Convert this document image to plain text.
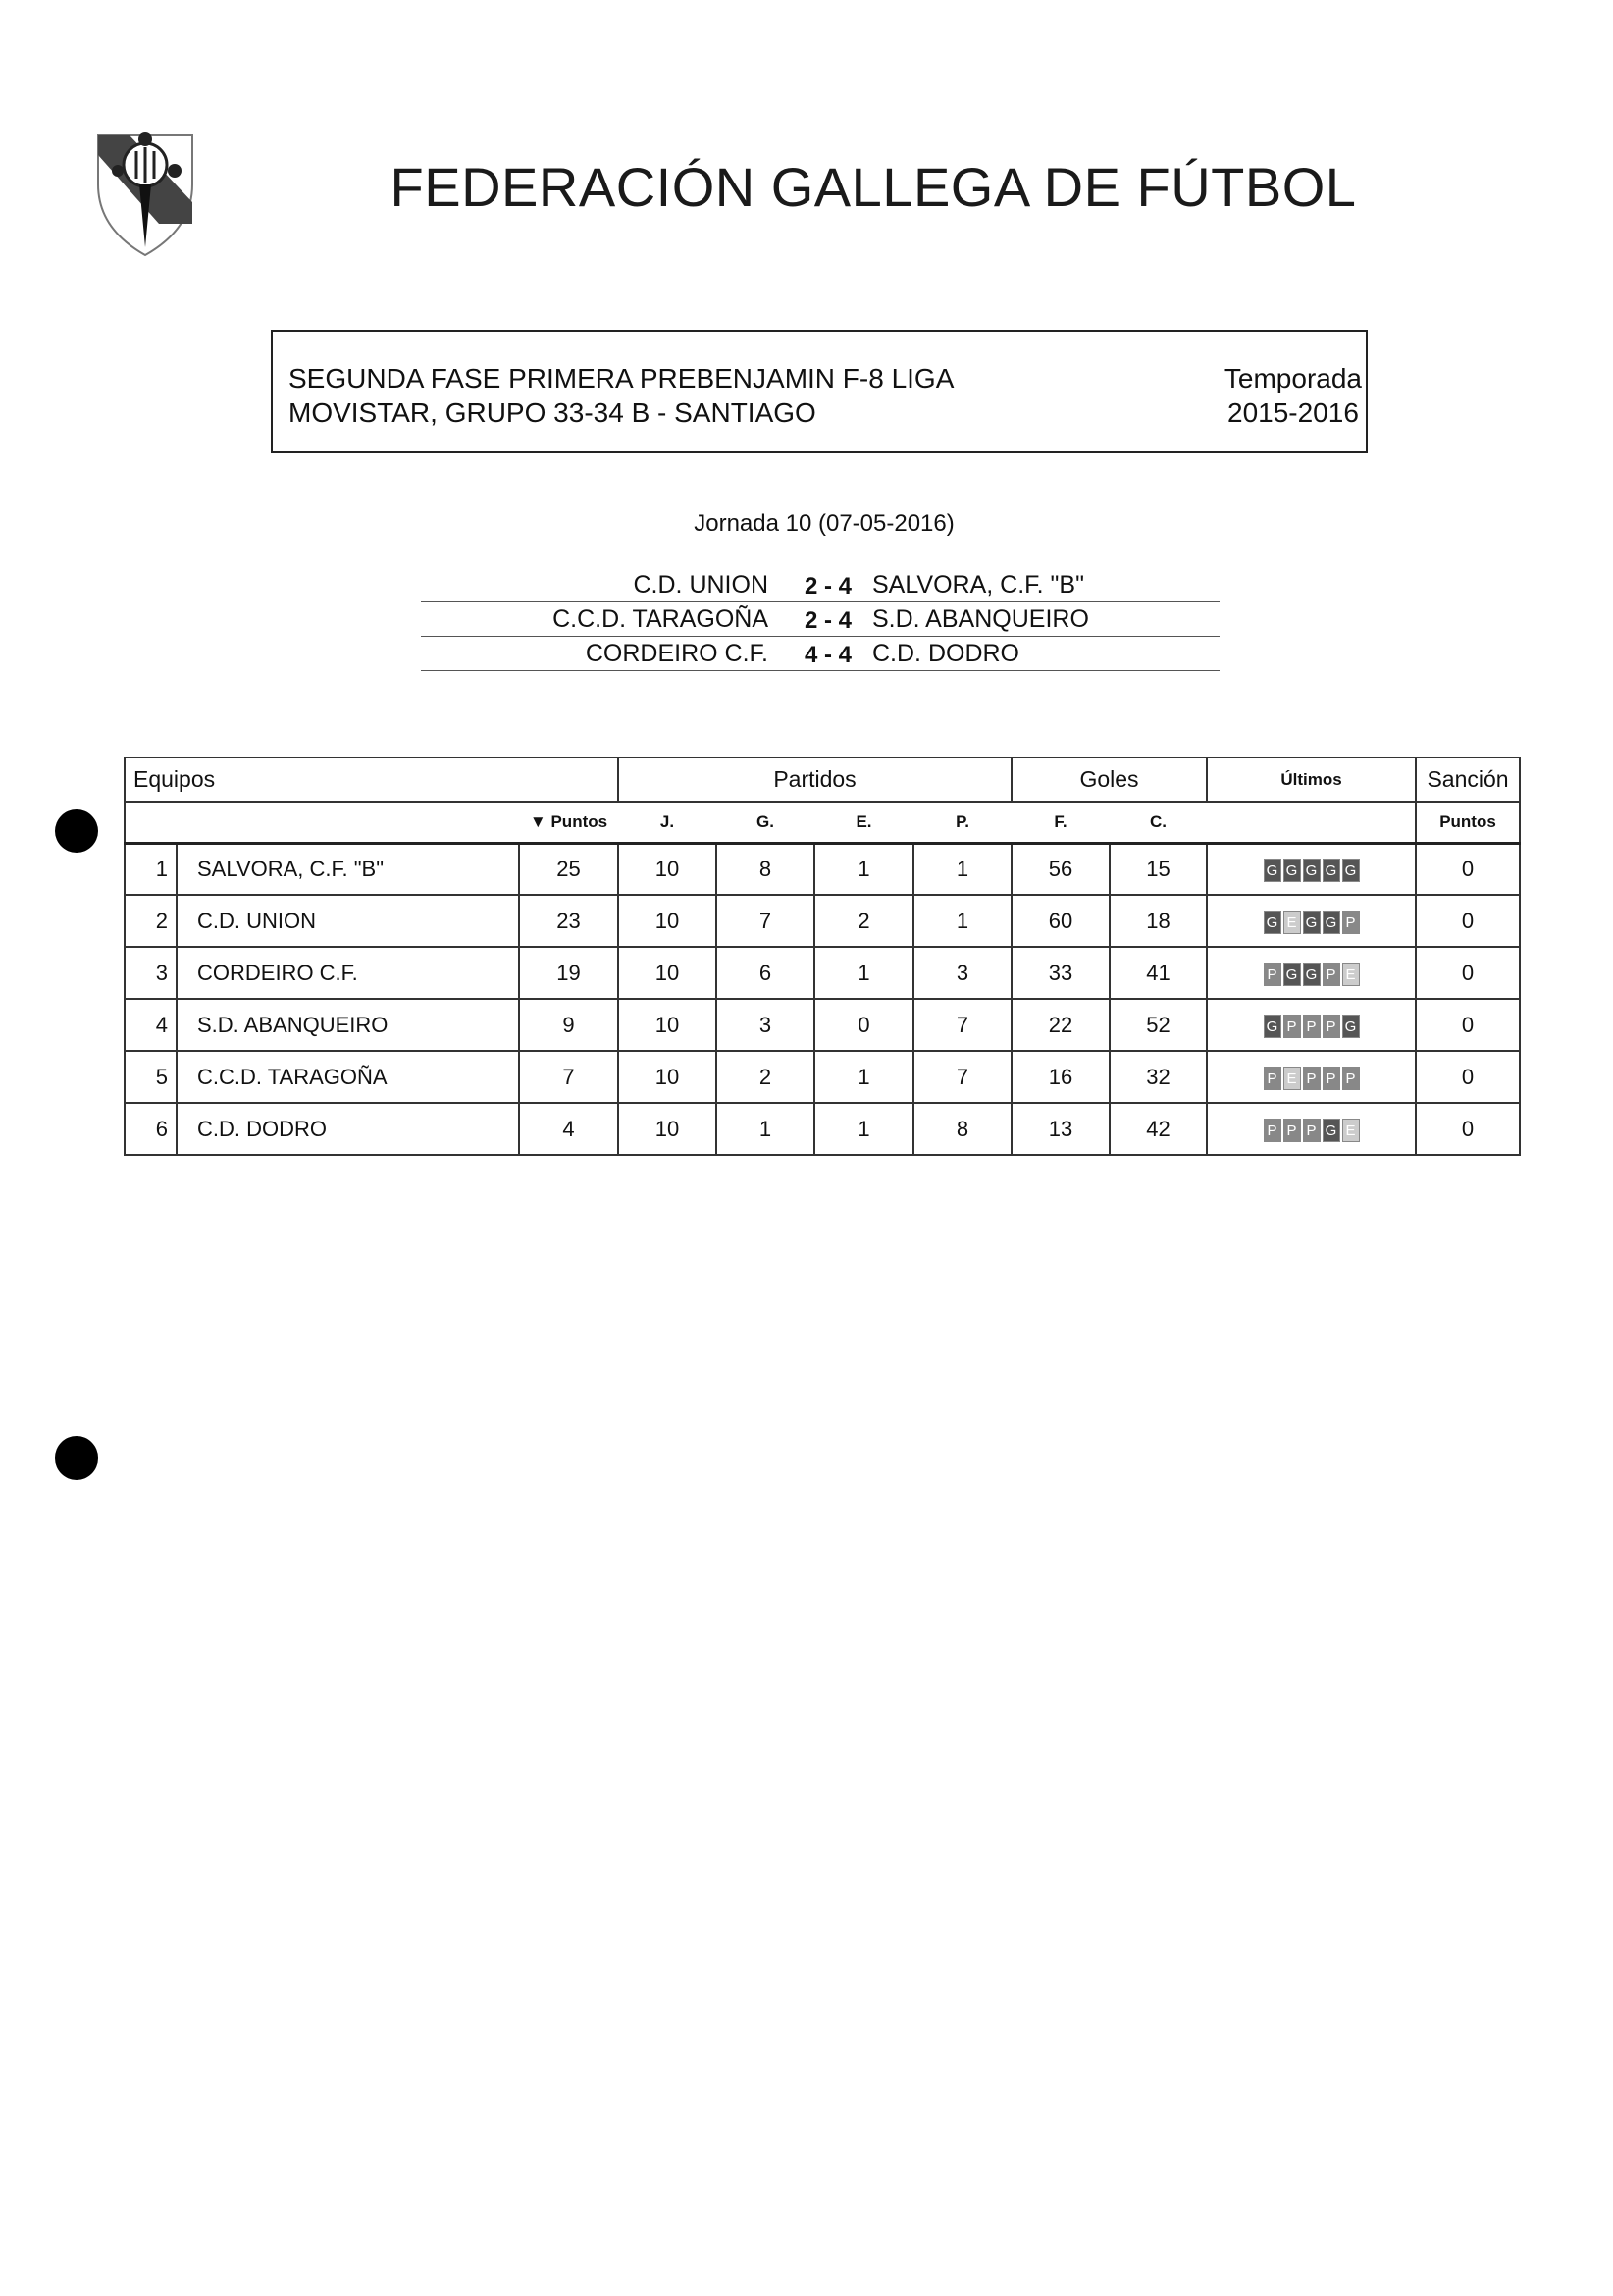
FEDERACIÓN GALLEGA DE FÚTBOL
SEGUNDA FASE PRIMERA PREBENJAMIN F-8 LIGA
MOVISTAR, GRUPO 33-34 B - SANTIAGO
Temporada
2015-2016
Jornada 10 (07-05-2016)
C.D. UNION	2 - 4 SALVORA, C.F. "B"
C.C.D. TARAGOÑA	2 - 4 S.D. ABANQUEIRO
CORDEIRO C.F.	4 - 4 C.D. DODRO
Equipos			Partidos				Goles		Últimos	Sanción
		▼ Puntos	J.	G.	E.	P.	F.	C.		Puntos
1	SALVORA, C.F. "B"	25	10	8	1	1	56	15	G G G G G	0
2	C.D. UNION	23	10	7	2	1	60	18	G E G G P	0
3	CORDEIRO C.F.	19	10	6	1	3	33	41	P G G P E	0
4	S.D. ABANQUEIRO	9	10	3	0	7	22	52	G P P P G	0
5	C.C.D. TARAGOÑA	7	10	2	1	7	16	32	P E P P P	0
6	C.D. DODRO	4	10	1	1	8	13	42	P P P G E	0
